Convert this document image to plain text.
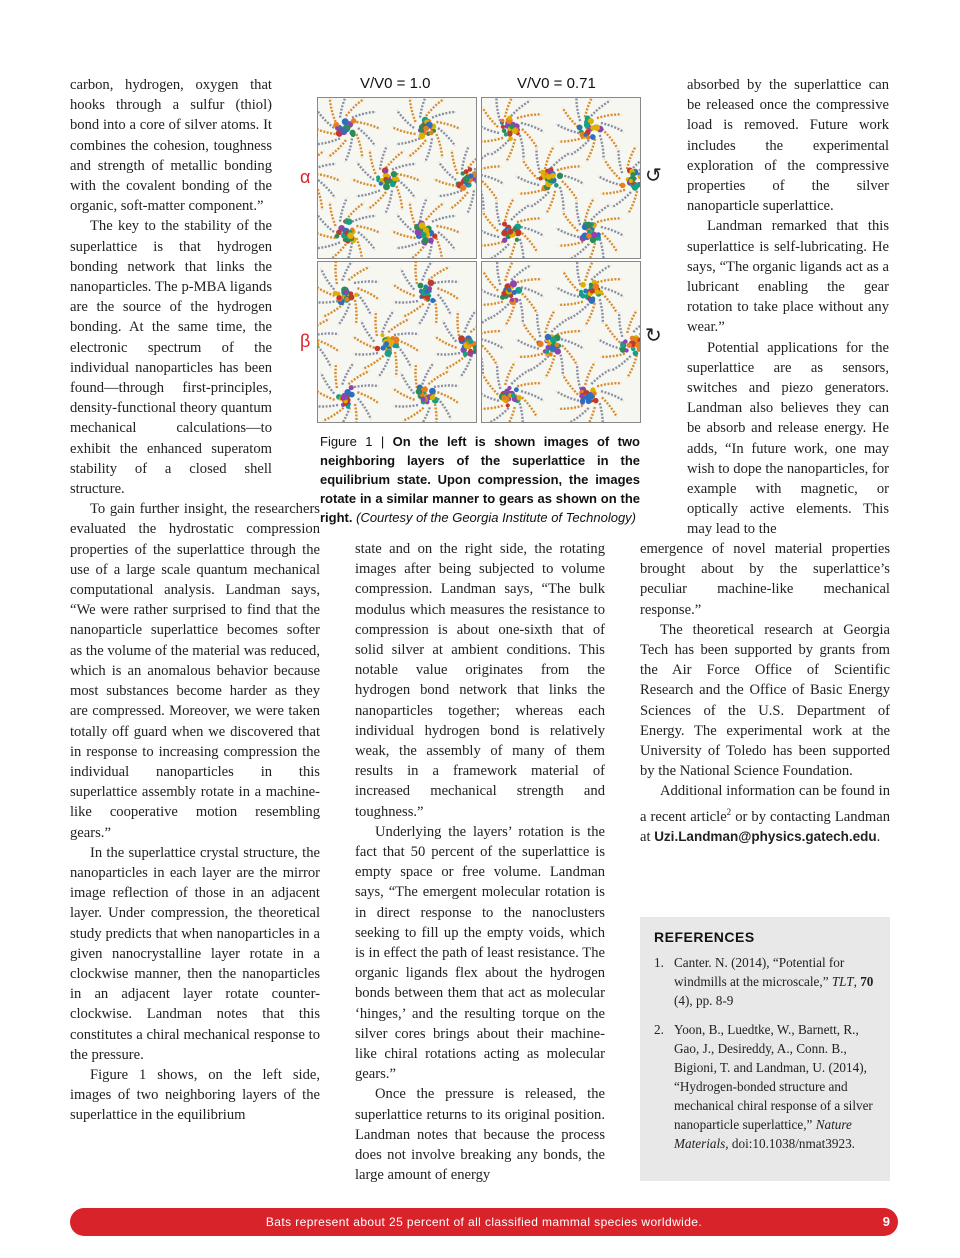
carbon, hydrogen, oxygen that hooks through a sulfur (thiol) bond into a core of silver atoms. It combines the cohesion, toughness and strength of metallic bonding with the covalent bonding of the organic, soft-matter component.”

The key to the stability of the superlattice is that hydrogen bonding network that links the nanoparticles. The p-MBA ligands are the source of the hydrogen bonding. At the same time, the electronic spectrum of the individual nanoparticles has been found—through first-principles, density-functional theory quantum mechanical calculations—to exhibit the enhanced superatom stability of a closed shell structure.

To gain further insight, the researchers evaluated the hydrostatic compression properties of the superlattice through the use of a large scale quantum mechanical computational analysis. Landman says, “We were rather surprised to find that the nanoparticle superlattice becomes softer as the volume of the material was reduced, which is an anomalous behavior because most substances become harder as they are compressed. Moreover, we were taken totally off guard when we discovered that in response to increasing compression the individual nanoparticles in this superlattice assembly rotate in a machine-like cooperative motion resembling gears.”

In the superlattice crystal structure, the nanoparticles in each layer are the mirror image reflection of those in an adjacent layer. Under compression, the theoretical study predicts that when nanoparticles in a given nanocrystalline layer rotate in a clockwise manner, then the nanoparticles in an adjacent layer rotate counter-clockwise. Landman notes that this constitutes a chiral mechanical response to the pressure.

Figure 1 shows, on the left side, images of two neighboring layers of the superlattice in the equilibrium

V/V0 = 1.0	V/V0 = 0.71
α
β
↺
↻
Figure 1 | On the left is shown images of two neighboring layers of the superlattice in the equilibrium state. Upon compression, the images rotate in a similar manner to gears as shown on the right. (Courtesy of the Georgia Institute of Technology)

state and on the right side, the rotating images after being subjected to volume compression. Landman says, “The bulk modulus which measures the resistance to compression is about one-sixth that of solid silver at ambient conditions. This notable value originates from the hydrogen bond network that links the nanoparticles together; whereas each individual hydrogen bond is relatively weak, the assembly of many of them results in a framework material of increased mechanical strength and toughness.”

Underlying the layers’ rotation is the fact that 50 percent of the superlattice is empty space or free volume. Landman says, “The emergent molecular rotation is in direct response to the nanoclusters seeking to fill up the empty voids, which is in effect the path of least resistance. The organic ligands flex about the hydrogen bonds between them that act as molecular ‘hinges,’ and the resulting torque on the silver cores brings about their machine-like chiral rotations acting as molecular gears.”

Once the pressure is released, the superlattice returns to its original position. Landman notes that because the process does not involve breaking any bonds, the large amount of energy

absorbed by the superlattice can be released once the compressive load is removed. Future work includes the experimental exploration of the compressive properties of the silver nanoparticle superlattice.

Landman remarked that this superlattice is self-lubricating. He says, “The organic ligands act as a lubricant enabling the gear rotation to take place without any wear.”

Potential applications for the superlattice are as sensors, switches and piezo generators. Landman also believes they can be absorb and release energy. He adds, “In future work, one may wish to dope the nanoparticles, for example with magnetic, or optically active elements. This may lead to the

emergence of novel material properties brought about by the superlattice’s peculiar machine-like mechanical response.”

The theoretical research at Georgia Tech has been supported by grants from the Air Force Office of Scientific Research and the Office of Basic Energy Sciences of the U.S. Department of Energy. The experimental work at the University of Toledo has been supported by the National Science Foundation.

Additional information can be found in a recent article$^2$ or by contacting Landman at Uzi.Landman@physics.gatech.edu.

REFERENCES
1. Canter. N. (2014), “Potential for windmills at the microscale,” TLT, 70 (4), pp. 8-9
2. Yoon, B., Luedtke, W., Barnett, R., Gao, J., Desireddy, A., Conn. B., Bigioni, T. and Landman, U. (2014), “Hydrogen-bonded structure and mechanical chiral response of a silver nanoparticle superlattice,” Nature Materials, doi:10.1038/nmat3923.
Bats represent about 25 percent of all classified mammal species worldwide.	9
